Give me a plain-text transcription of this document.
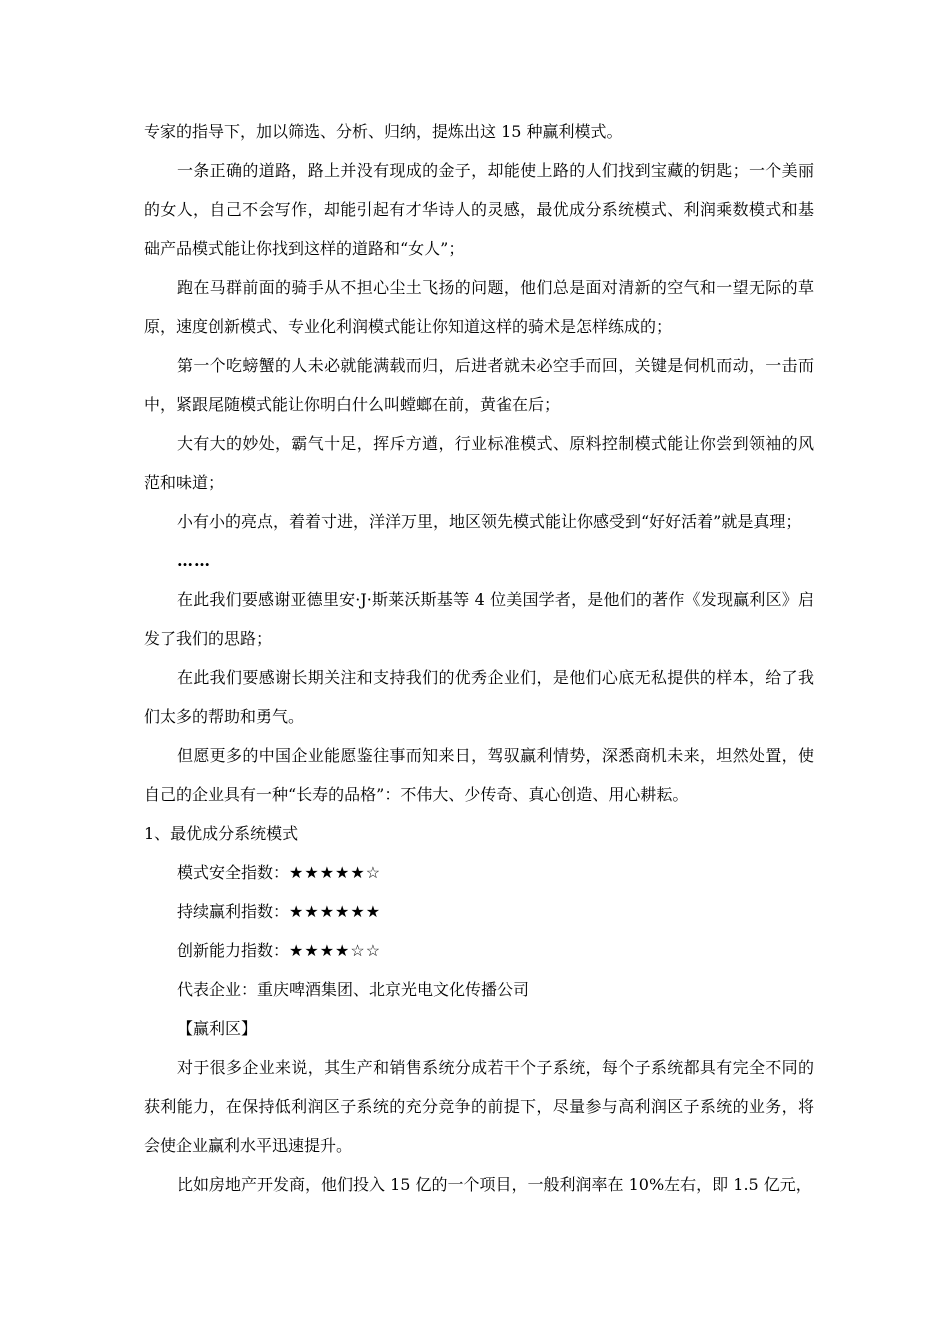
专家的指导下，加以筛选、分析、归纳，提炼出这 15 种赢利模式。

一条正确的道路，路上并没有现成的金子，却能使上路的人们找到宝藏的钥匙；一个美丽的女人，自己不会写作，却能引起有才华诗人的灵感，最优成分系统模式、利润乘数模式和基础产品模式能让你找到这样的道路和“女人”；

跑在马群前面的骑手从不担心尘土飞扬的问题，他们总是面对清新的空气和一望无际的草原，速度创新模式、专业化利润模式能让你知道这样的骑术是怎样练成的；

第一个吃螃蟹的人未必就能满载而归，后进者就未必空手而回，关键是伺机而动，一击而中，紧跟尾随模式能让你明白什么叫螳螂在前，黄雀在后；

大有大的妙处，霸气十足，挥斥方遒，行业标准模式、原料控制模式能让你尝到领袖的风范和味道；

小有小的亮点，着着寸进，洋洋万里，地区领先模式能让你感受到“好好活着”就是真理；

……

在此我们要感谢亚德里安·J·斯莱沃斯基等 4 位美国学者，是他们的著作《发现赢利区》启发了我们的思路；

在此我们要感谢长期关注和支持我们的优秀企业们，是他们心底无私提供的样本，给了我们太多的帮助和勇气。

但愿更多的中国企业能愿鉴往事而知来日，驾驭赢利情势，深悉商机未来，坦然处置，使自己的企业具有一种“长寿的品格”：不伟大、少传奇、真心创造、用心耕耘。

1、最优成分系统模式

模式安全指数：★★★★★☆

持续赢利指数：★★★★★★

创新能力指数：★★★★☆☆

代表企业：重庆啤酒集团、北京光电文化传播公司

【赢利区】

对于很多企业来说，其生产和销售系统分成若干个子系统，每个子系统都具有完全不同的获利能力，在保持低利润区子系统的充分竞争的前提下，尽量参与高利润区子系统的业务，将会使企业赢利水平迅速提升。

比如房地产开发商，他们投入 15 亿的一个项目，一般利润率在 10%左右，即 1.5 亿元，
